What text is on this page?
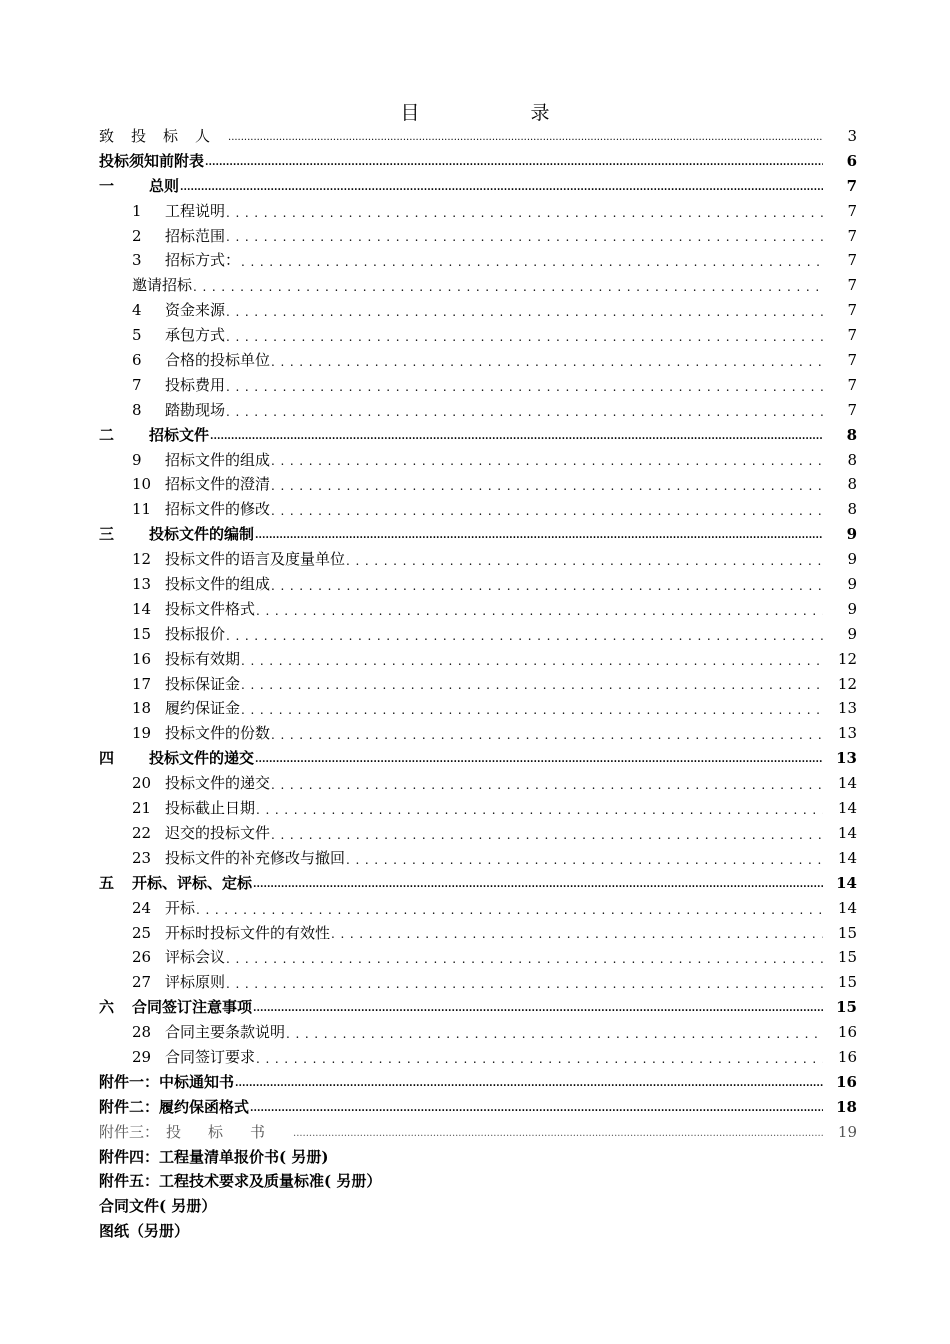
目　录
致投标人 .....	3
投标须知前附表 .....	6
一 总则 .....	7
1 工程说明 . . .	7
2 招标范围 . . .	7
3 招标方式： . . .	7
邀请招标 . . .	7
4 资金来源 . . .	7
5 承包方式 . . .	7
6 合格的投标单位 . . .	7
7 投标费用 . . .	7
8 踏勘现场 . . .	7
二 招标文件 .....	8
9 招标文件的组成 . . .	8
10 招标文件的澄清 . . .	8
11 招标文件的修改 . . .	8
三 投标文件的编制 .....	9
12 投标文件的语言及度量单位 . . .	9
13 投标文件的组成 . . .	9
14 投标文件格式 . . .	9
15 投标报价 . . .	9
16 投标有效期 . . .	12
17 投标保证金 . . .	12
18 履约保证金 . . .	13
19 投标文件的份数 . . .	13
四 投标文件的递交 .....	13
20 投标文件的递交 . . .	14
21 投标截止日期 . . .	14
22 迟交的投标文件 . . .	14
23 投标文件的补充修改与撤回 . . .	14
五 开标、评标、定标 .....	14
24 开标 . . .	14
25 开标时投标文件的有效性 . . .	15
26 评标会议 . . .	15
27 评标原则 . . .	15
六 合同签订注意事项 .....	15
28 合同主要条款说明 . . .	16
29 合同签订要求 . . .	16
附件一：中标通知书 .....	16
附件二：履约保函格式 .....	18
附件三： 投标书 .....	19
附件四：工程量清单报价书( 另册)
附件五：工程技术要求及质量标准( 另册）
合同文件( 另册）
图纸（另册）
